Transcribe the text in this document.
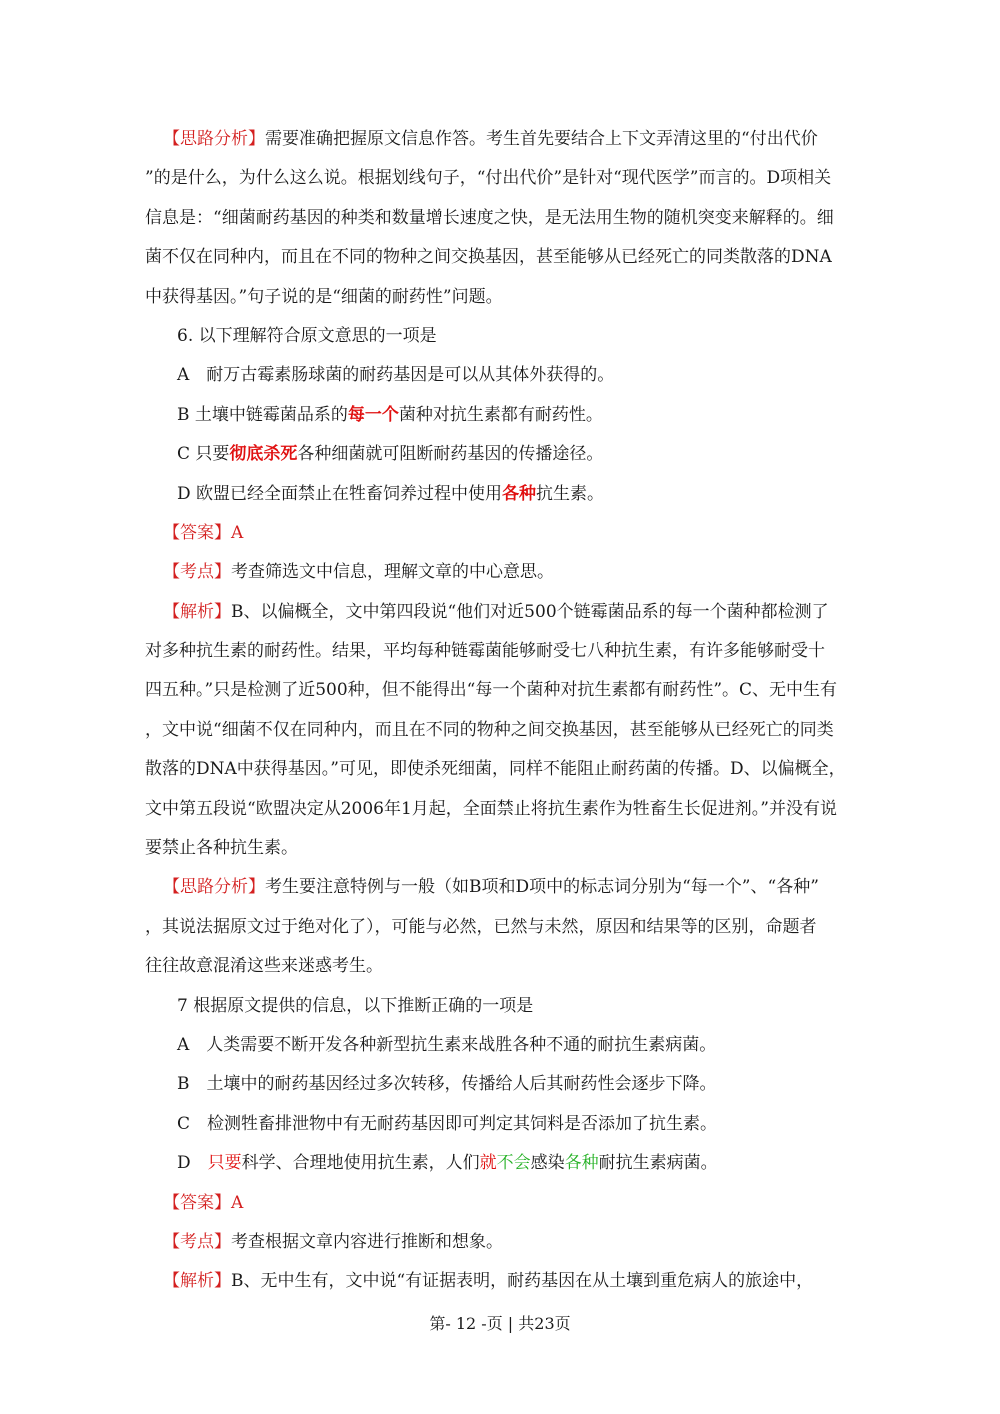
【思路分析】需要准确把握原文信息作答。考生首先要结合上下文弄清这里的“付出代价
”的是什么，为什么这么说。根据划线句子，“付出代价”是针对“现代医学”而言的。D项相关
信息是：“细菌耐药基因的种类和数量增长速度之快，是无法用生物的随机突变来解释的。细
菌不仅在同种内，而且在不同的物种之间交换基因，甚至能够从已经死亡的同类散落的DNA
中获得基因。”句子说的是“细菌的耐药性”问题。
6. 以下理解符合原文意思的一项是
A　耐万古霉素肠球菌的耐药基因是可以从其体外获得的。
B 土壤中链霉菌品系的每一个菌种对抗生素都有耐药性。
C 只要彻底杀死各种细菌就可阻断耐药基因的传播途径。
D 欧盟已经全面禁止在牲畜饲养过程中使用各种抗生素。
【答案】A
【考点】考查筛选文中信息，理解文章的中心意思。
【解析】B、以偏概全，文中第四段说“他们对近500个链霉菌品系的每一个菌种都检测了
对多种抗生素的耐药性。结果，平均每种链霉菌能够耐受七八种抗生素，有许多能够耐受十
四五种。”只是检测了近500种，但不能得出“每一个菌种对抗生素都有耐药性”。C、无中生有
，文中说“细菌不仅在同种内，而且在不同的物种之间交换基因，甚至能够从已经死亡的同类
散落的DNA中获得基因。”可见，即使杀死细菌，同样不能阻止耐药菌的传播。D、以偏概全，
文中第五段说“欧盟决定从2006年1月起，全面禁止将抗生素作为牲畜生长促进剂。”并没有说
要禁止各种抗生素。
【思路分析】考生要注意特例与一般（如B项和D项中的标志词分别为“每一个”、“各种”
，其说法据原文过于绝对化了），可能与必然，已然与未然，原因和结果等的区别，命题者
往往故意混淆这些来迷惑考生。
7 根据原文提供的信息，以下推断正确的一项是
A　人类需要不断开发各种新型抗生素来战胜各种不通的耐抗生素病菌。
B　土壤中的耐药基因经过多次转移，传播给人后其耐药性会逐步下降。
C　检测牲畜排泄物中有无耐药基因即可判定其饲料是否添加了抗生素。
D　只要科学、合理地使用抗生素，人们就不会感染各种耐抗生素病菌。
【答案】A
【考点】考查根据文章内容进行推断和想象。
【解析】B、无中生有，文中说“有证据表明，耐药基因在从土壤到重危病人的旅途中，
第- 12 -页 | 共23页
